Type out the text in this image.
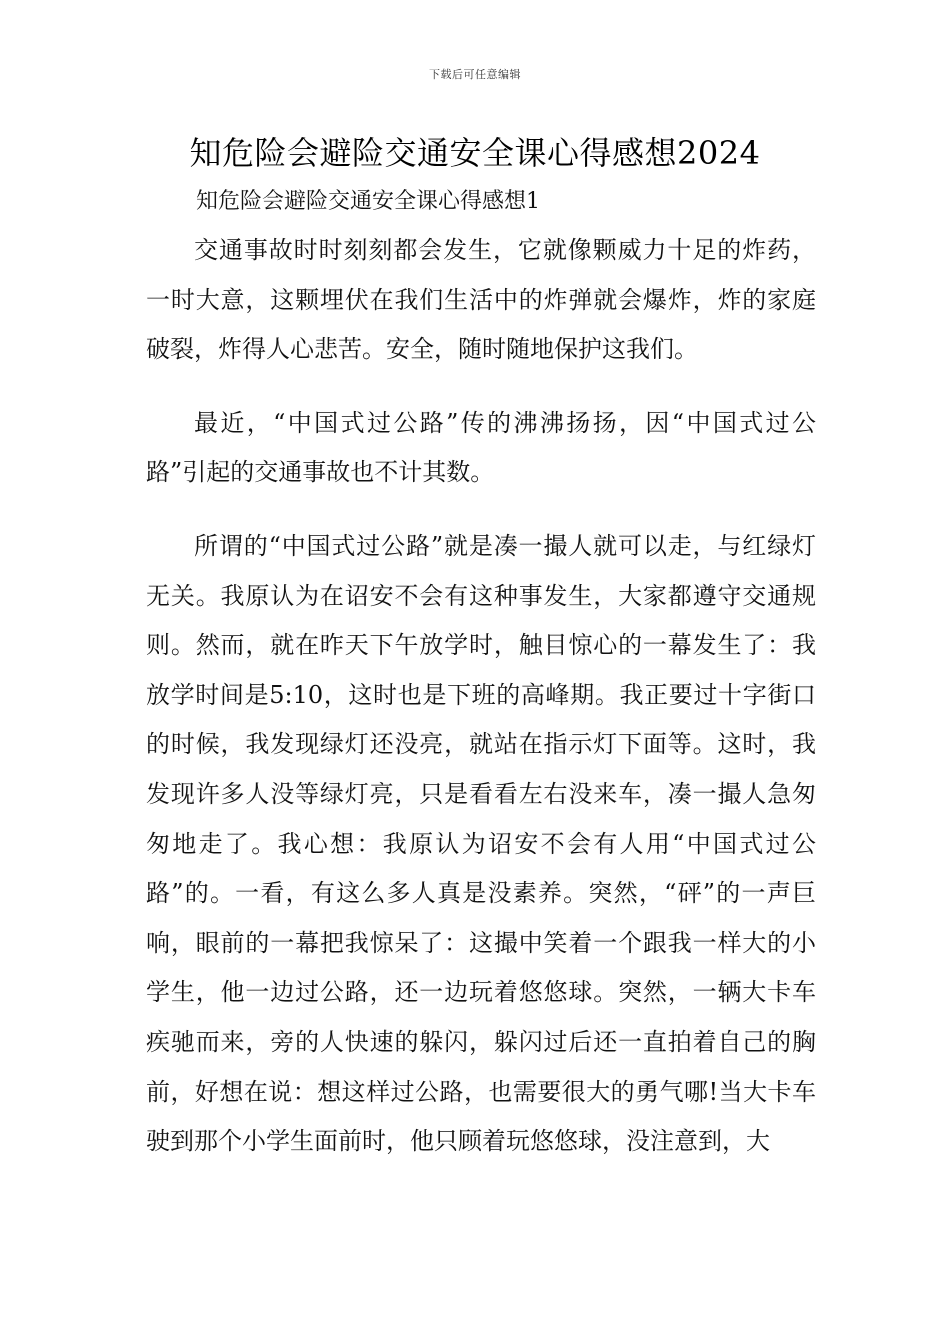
下载后可任意编辑
知危险会避险交通安全课心得感想2024
知危险会避险交通安全课心得感想1

交通事故时时刻刻都会发生，它就像颗威力十足的炸药，一时大意，这颗埋伏在我们生活中的炸弹就会爆炸，炸的家庭破裂，炸得人心悲苦。安全，随时随地保护这我们。

最近，“中国式过公路”传的沸沸扬扬，因“中国式过公路”引起的交通事故也不计其数。

所谓的“中国式过公路”就是凑一撮人就可以走，与红绿灯无关。我原认为在诏安不会有这种事发生，大家都遵守交通规则。然而，就在昨天下午放学时，触目惊心的一幕发生了：我放学时间是5:10，这时也是下班的高峰期。我正要过十字街口的时候，我发现绿灯还没亮，就站在指示灯下面等。这时，我发现许多人没等绿灯亮，只是看看左右没来车，凑一撮人急匆匆地走了。我心想：我原认为诏安不会有人用“中国式过公路”的。一看，有这么多人真是没素养。突然，“砰”的一声巨响，眼前的一幕把我惊呆了：这撮中笑着一个跟我一样大的小学生，他一边过公路，还一边玩着悠悠球。突然，一辆大卡车疾驰而来，旁的人快速的躲闪，躲闪过后还一直拍着自己的胸前，好想在说：想这样过公路，也需要很大的勇气哪!当大卡车驶到那个小学生面前时，他只顾着玩悠悠球，没注意到，大
